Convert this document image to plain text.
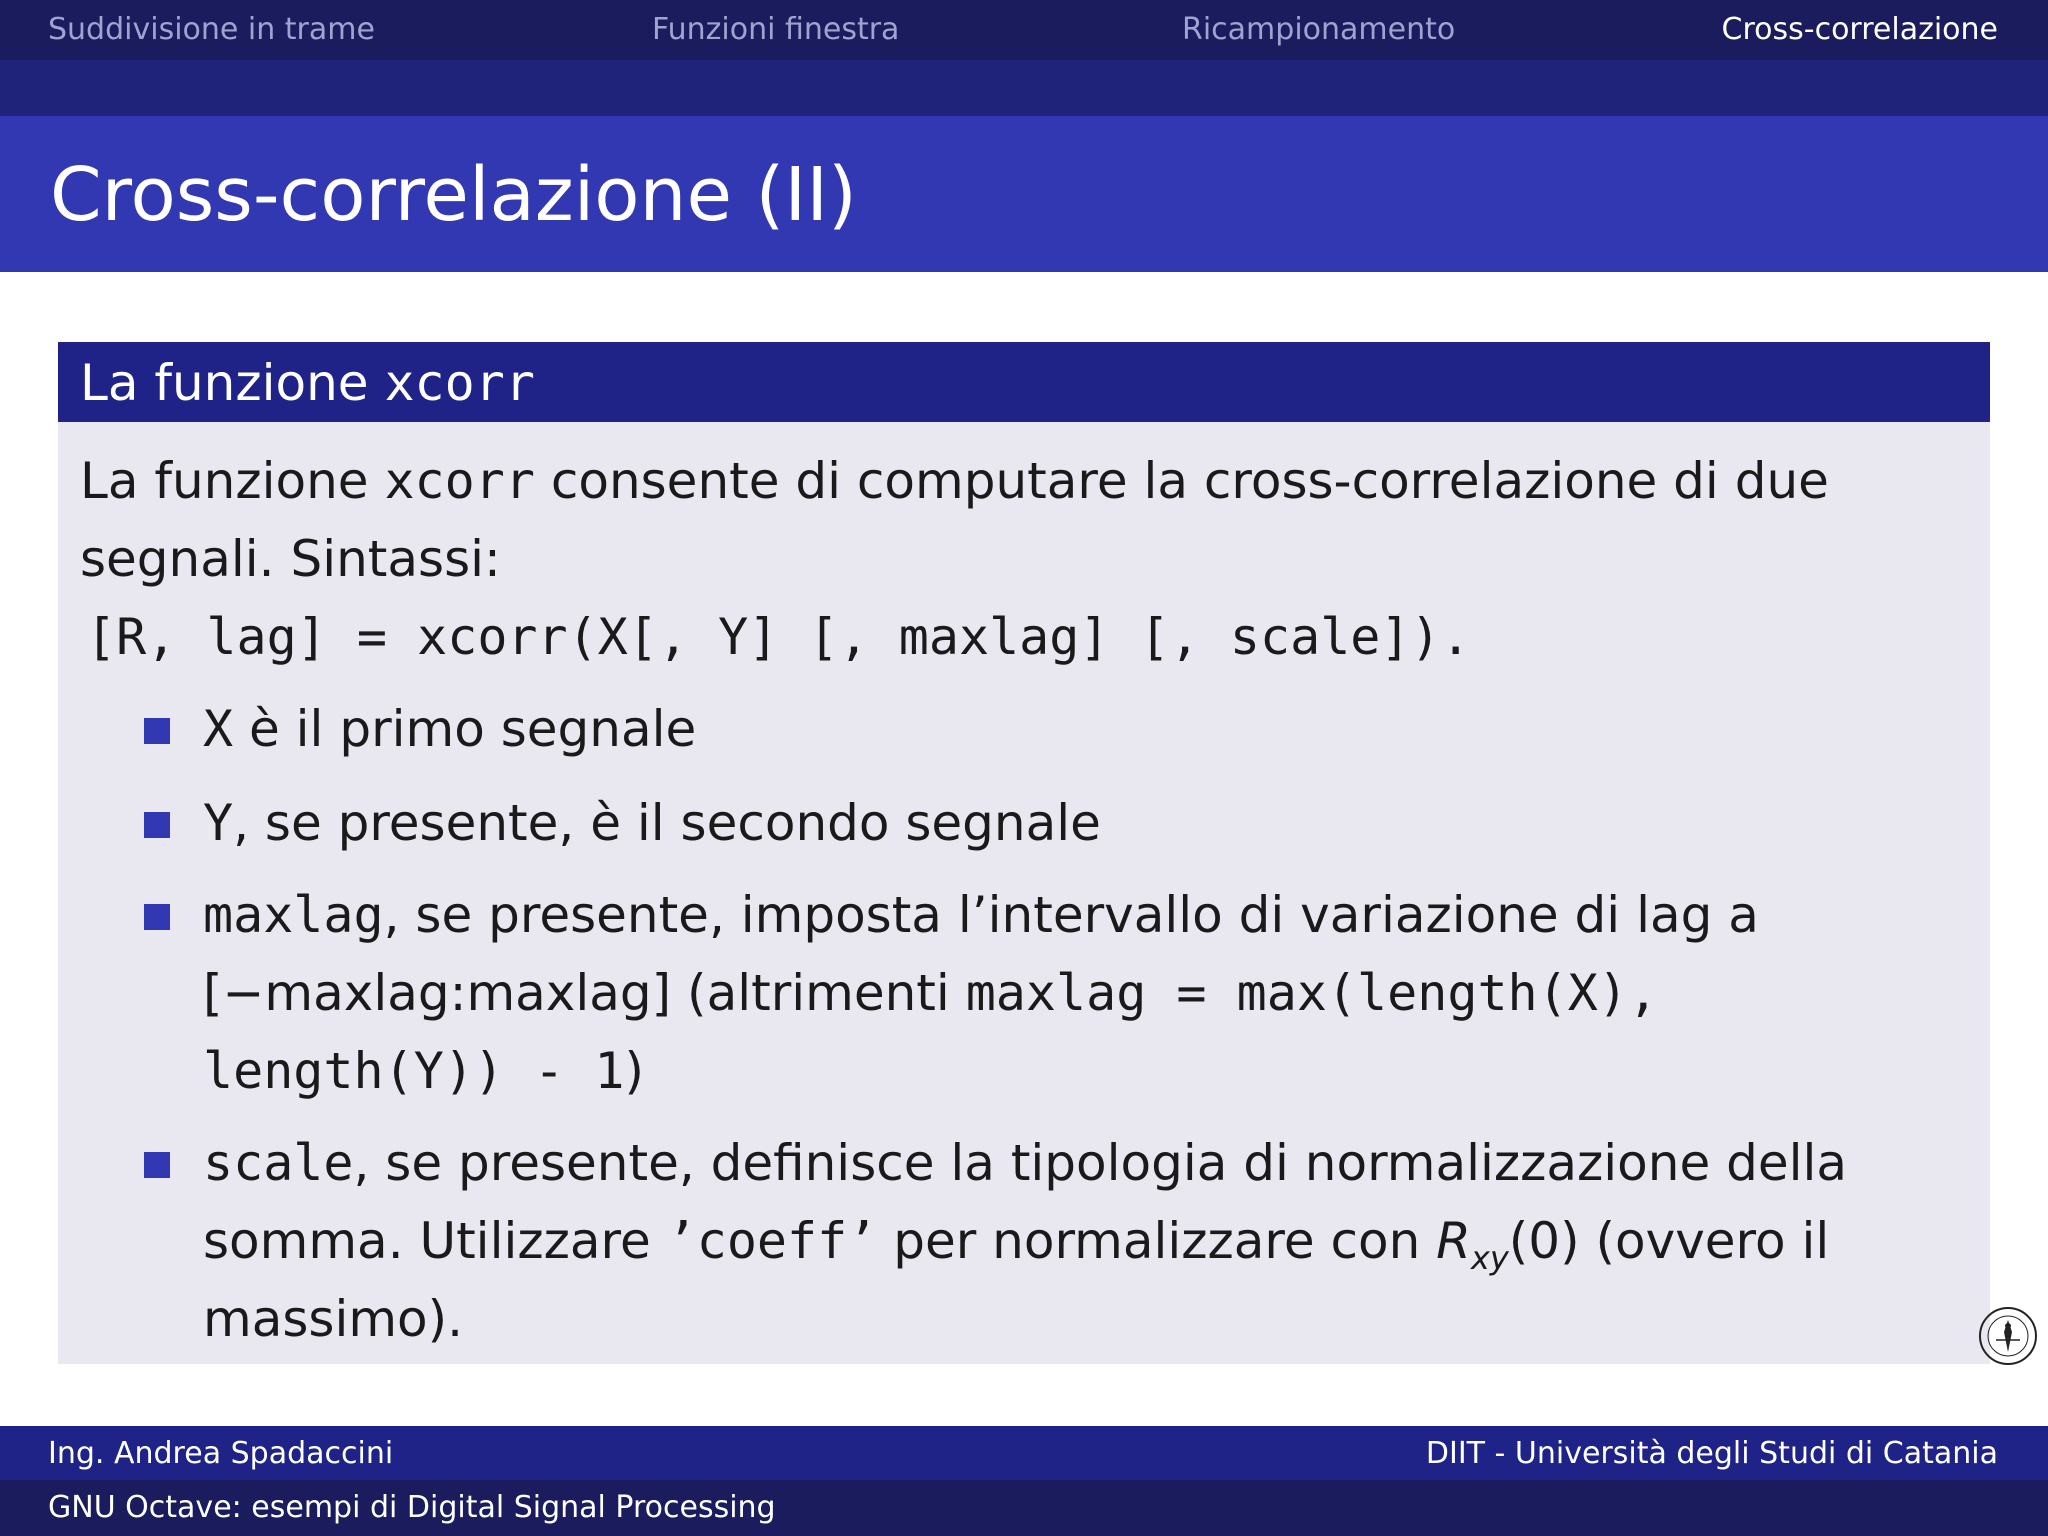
Suddivisione in trame	Funzioni finestra	Ricampionamento	Cross-correlazione
Cross-correlazione (II)
La funzione xcorr
La funzione xcorr consente di computare la cross-correlazione di due
segnali. Sintassi:
[R, lag] = xcorr(X[, Y] [, maxlag] [, scale]).
X è il primo segnale
Y, se presente, è il secondo segnale
maxlag, se presente, imposta l’intervallo di variazione di lag a
[−maxlag:maxlag] (altrimenti maxlag = max(length(X),
length(Y)) - 1)
scale, se presente, definisce la tipologia di normalizzazione della
somma. Utilizzare ’coeff’ per normalizzare con $R_{xy}(0)$ (ovvero il
massimo).
Ing. Andrea Spadaccini	DIIT - Università degli Studi di Catania
GNU Octave: esempi di Digital Signal Processing
